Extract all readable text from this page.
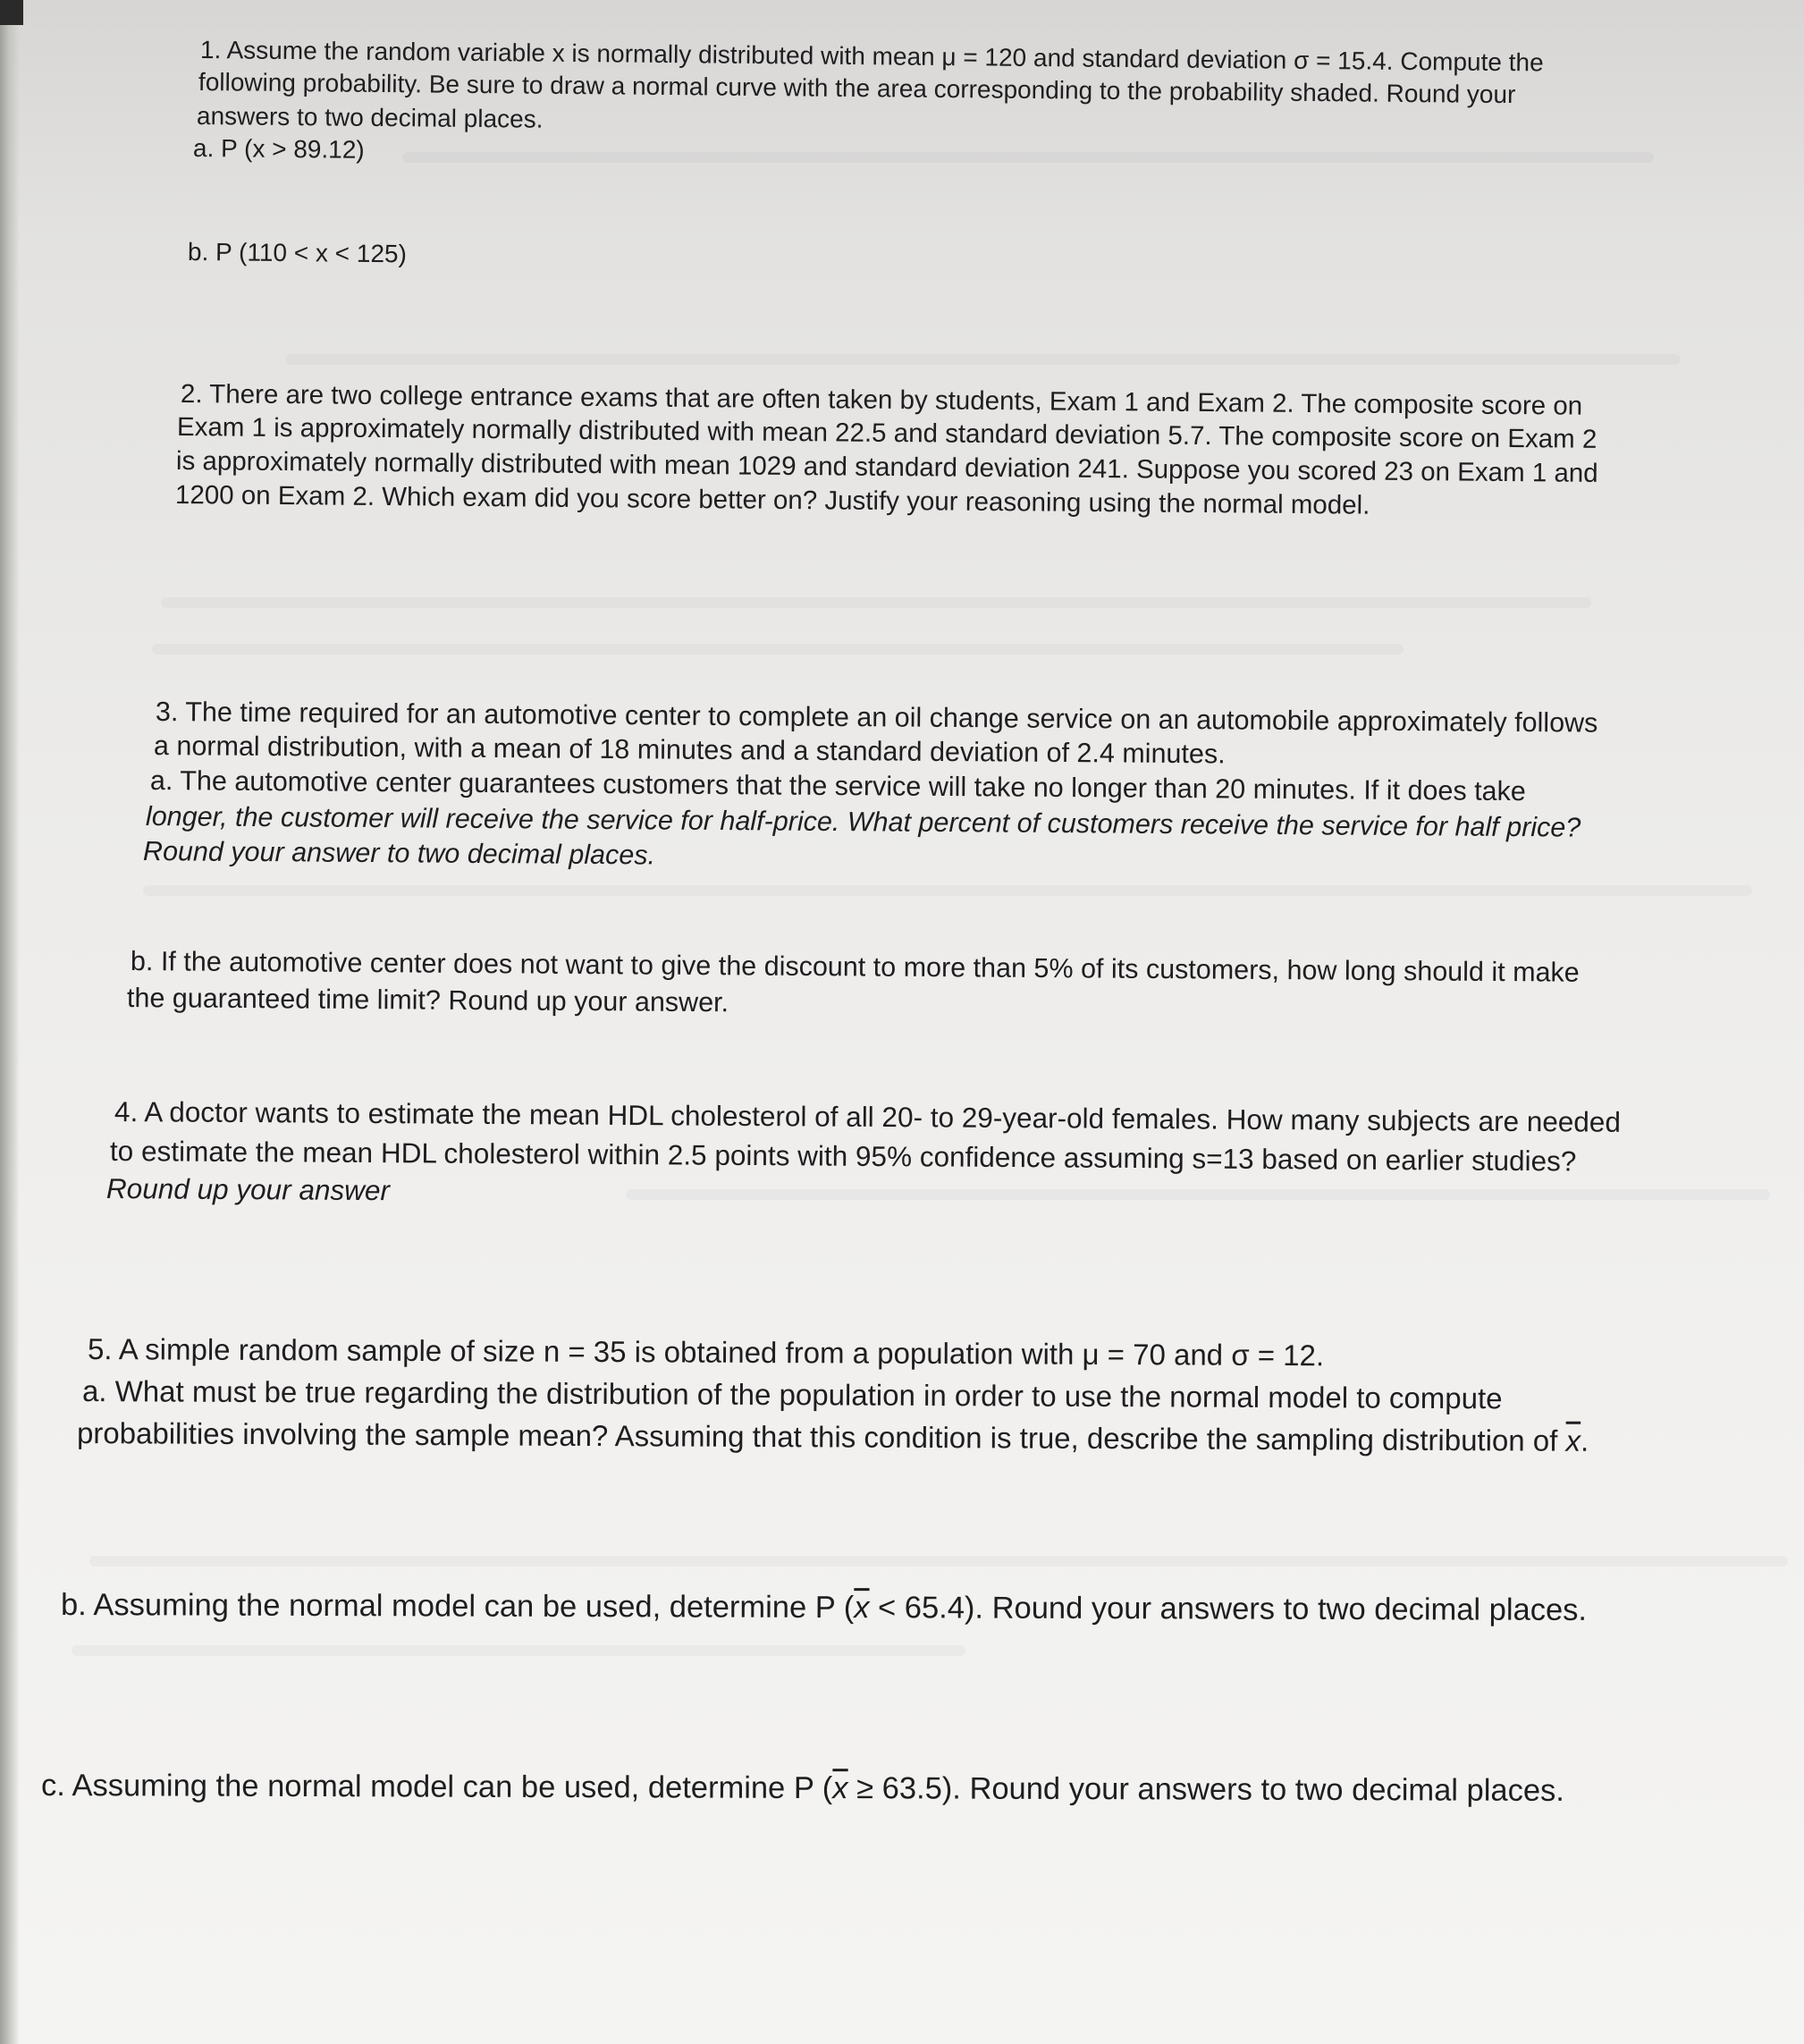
1. Assume the random variable x is normally distributed with mean μ = 120 and standard deviation σ = 15.4. Compute the
following probability. Be sure to draw a normal curve with the area corresponding to the probability shaded. Round your
answers to two decimal places.
a. P (x > 89.12)
b. P (110 < x < 125)
2. There are two college entrance exams that are often taken by students, Exam 1 and Exam 2. The composite score on
Exam 1 is approximately normally distributed with mean 22.5 and standard deviation 5.7. The composite score on Exam 2
is approximately normally distributed with mean 1029 and standard deviation 241. Suppose you scored 23 on Exam 1 and
1200 on Exam 2. Which exam did you score better on? Justify your reasoning using the normal model.
3. The time required for an automotive center to complete an oil change service on an automobile approximately follows
a normal distribution, with a mean of 18 minutes and a standard deviation of 2.4 minutes.
a. The automotive center guarantees customers that the service will take no longer than 20 minutes. If it does take
longer, the customer will receive the service for half-price. What percent of customers receive the service for half price?
Round your answer to two decimal places.
b. If the automotive center does not want to give the discount to more than 5% of its customers, how long should it make
the guaranteed time limit? Round up your answer.
4. A doctor wants to estimate the mean HDL cholesterol of all 20- to 29-year-old females. How many subjects are needed
to estimate the mean HDL cholesterol within 2.5 points with 95% confidence assuming s=13 based on earlier studies?
Round up your answer
5. A simple random sample of size n = 35 is obtained from a population with μ = 70 and σ = 12.
a. What must be true regarding the distribution of the population in order to use the normal model to compute
probabilities involving the sample mean? Assuming that this condition is true, describe the sampling distribution of $\overline{x}$.
b. Assuming the normal model can be used, determine P $(\overline{x} < 65.4)$. Round your answers to two decimal places.
c. Assuming the normal model can be used, determine P $(\overline{x} \ge 63.5)$. Round your answers to two decimal places.
